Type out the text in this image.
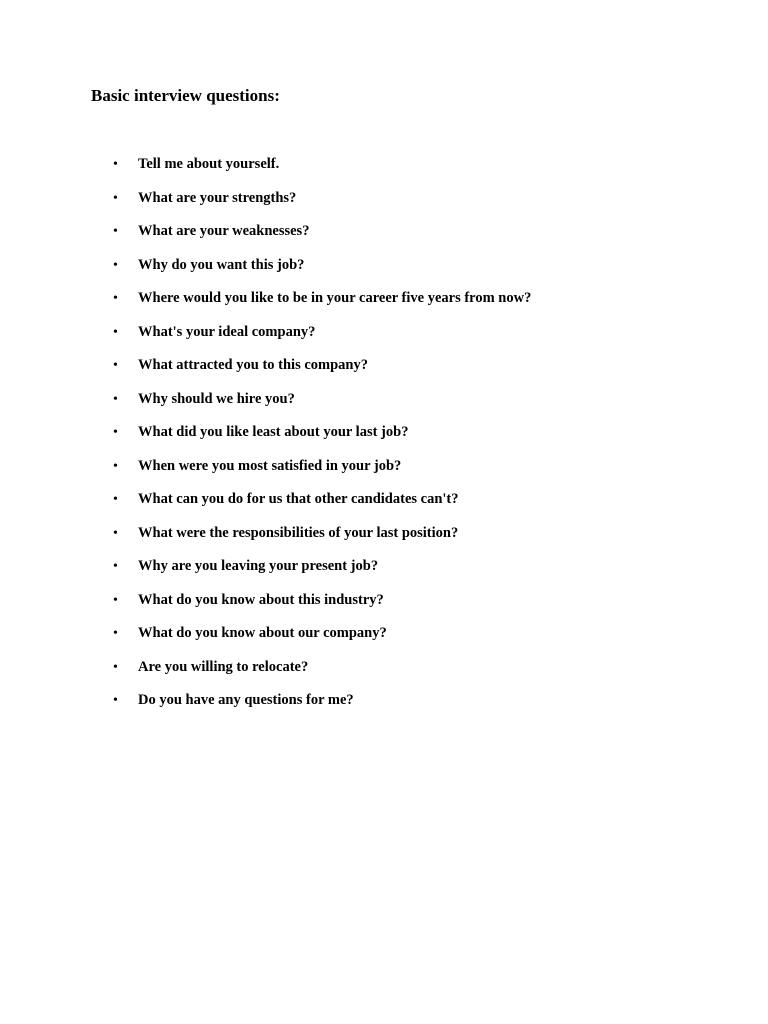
Basic interview questions:
• Tell me about yourself.
• What are your strengths?
• What are your weaknesses?
• Why do you want this job?
• Where would you like to be in your career five years from now?
• What's your ideal company?
• What attracted you to this company?
• Why should we hire you?
• What did you like least about your last job?
• When were you most satisfied in your job?
• What can you do for us that other candidates can't?
• What were the responsibilities of your last position?
• Why are you leaving your present job?
• What do you know about this industry?
• What do you know about our company?
• Are you willing to relocate?
• Do you have any questions for me?
